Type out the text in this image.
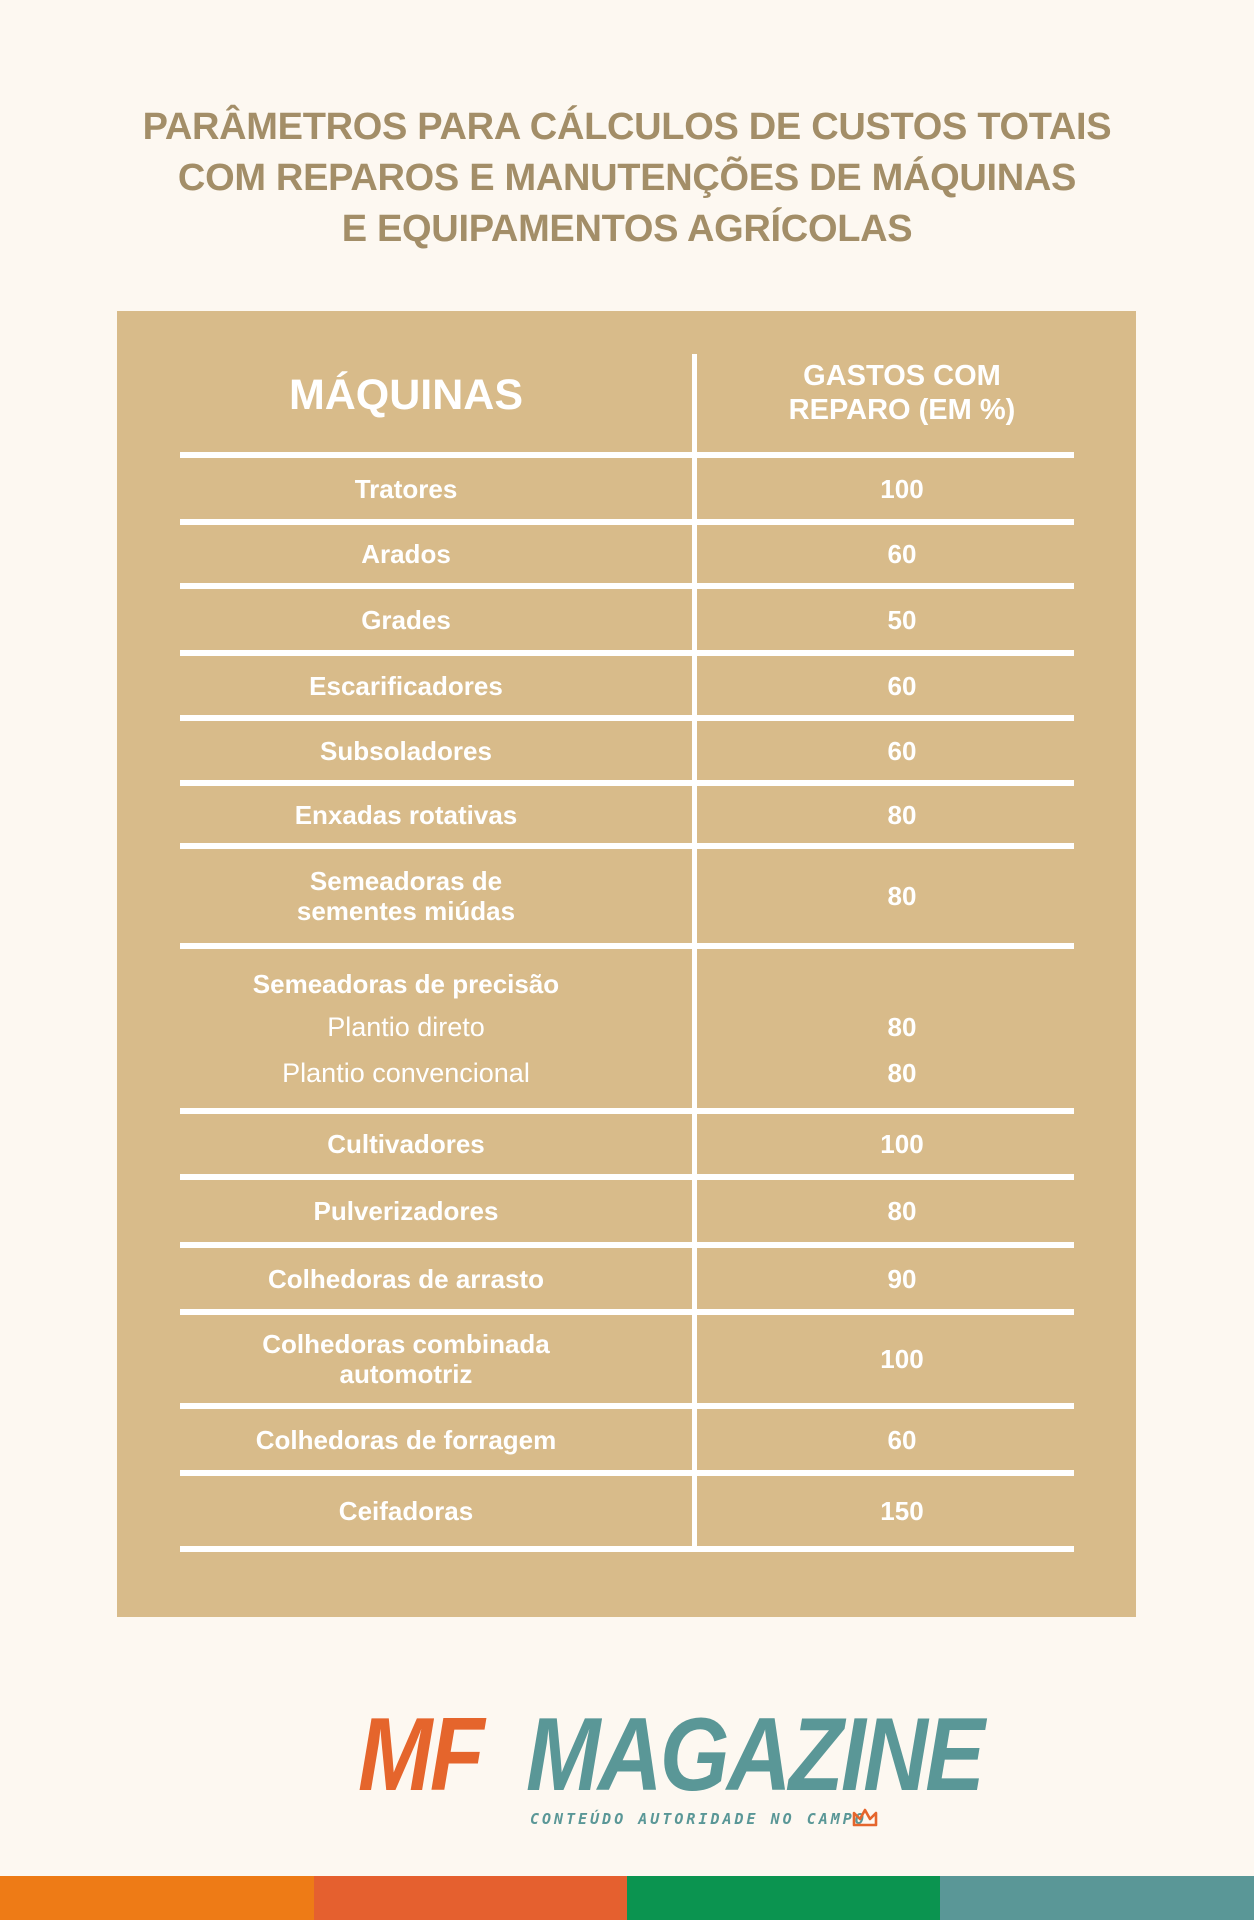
PARÂMETROS PARA CÁLCULOS DE CUSTOS TOTAIS
COM REPAROS E MANUTENÇÕES DE MÁQUINAS
E EQUIPAMENTOS AGRÍCOLAS
MÁQUINAS	GASTOS COM
REPARO (EM %)
Tratores	100
Arados	60
Grades	50
Escarificadores	60
Subsoladores	60
Enxadas rotativas	80
Semeadoras de
sementes miúdas	80
Semeadoras de precisão
Plantio direto	80
Plantio convencional	80
Cultivadores	100
Pulverizadores	80
Colhedoras de arrasto	90
Colhedoras combinada
automotriz	100
Colhedoras de forragem	60
Ceifadoras	150
MF MAGAZINE
CONTEÚDO AUTORIDADE NO CAMPO
